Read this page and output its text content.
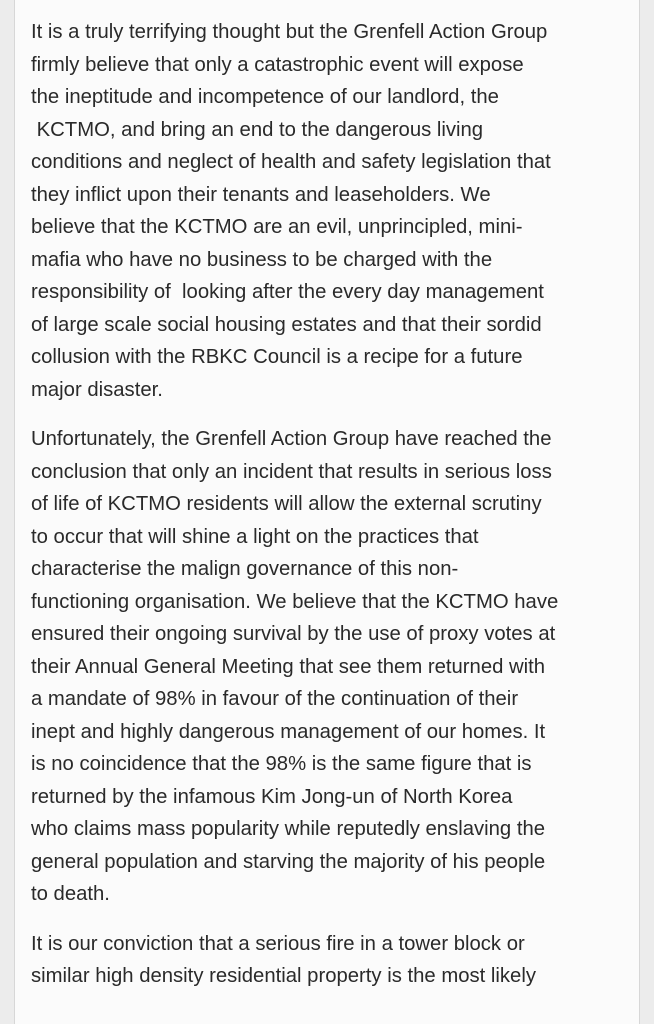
It is a truly terrifying thought but the Grenfell Action Group
firmly believe that only a catastrophic event will expose
the ineptitude and incompetence of our landlord, the
KCTMO, and bring an end to the dangerous living
conditions and neglect of health and safety legislation that
they inflict upon their tenants and leaseholders. We
believe that the KCTMO are an evil, unprincipled, mini-
mafia who have no business to be charged with the
responsibility of  looking after the every day management
of large scale social housing estates and that their sordid
collusion with the RBKC Council is a recipe for a future
major disaster.

Unfortunately, the Grenfell Action Group have reached the
conclusion that only an incident that results in serious loss
of life of KCTMO residents will allow the external scrutiny
to occur that will shine a light on the practices that
characterise the malign governance of this non-
functioning organisation. We believe that the KCTMO have
ensured their ongoing survival by the use of proxy votes at
their Annual General Meeting that see them returned with
a mandate of 98% in favour of the continuation of their
inept and highly dangerous management of our homes. It
is no coincidence that the 98% is the same figure that is
returned by the infamous Kim Jong-un of North Korea
who claims mass popularity while reputedly enslaving the
general population and starving the majority of his people
to death.

It is our conviction that a serious fire in a tower block or
similar high density residential property is the most likely
